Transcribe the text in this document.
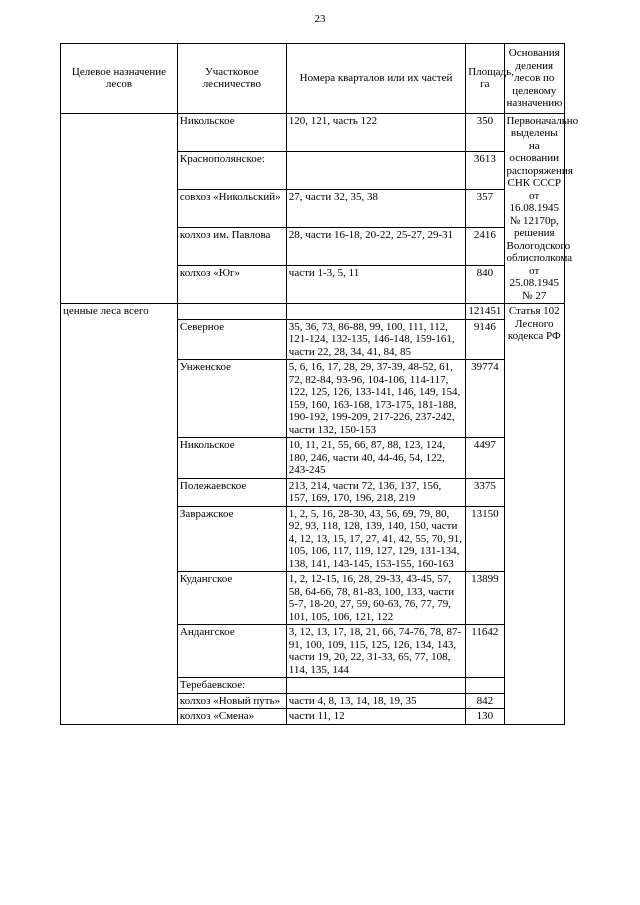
23
Целевое назначение лесов	Участковое лесничество	Номера кварталов или их частей	Площадь, га	Основания деления лесов по целевому назначению
	Никольское	120, 121, часть 122	350	Первоначально выделены на основании распоряжения СНК СССР от 16.08.1945 № 12170р, решения Вологодского облисполкома от 25.08.1945 № 27
	Краснополянское:		3613	
	совхоз «Никольский»	27, части 32, 35, 38	357	
	колхоз им. Павлова	28, части 16-18, 20-22, 25-27, 29-31	2416	
	колхоз «Юг»	части 1-3, 5, 11	840	
ценные леса всего			121451	Статья 102 Лесного кодекса РФ
	Северное	35, 36, 73, 86-88, 99, 100, 111, 112, 121-124, 132-135, 146-148, 159-161, части 22, 28, 34, 41, 84, 85	9146	
	Унженское	5, 6, 16, 17, 28, 29, 37-39, 48-52, 61, 72, 82-84, 93-96, 104-106, 114-117, 122, 125, 126, 133-141, 146, 149, 154, 159, 160, 163-168, 173-175, 181-188, 190-192, 199-209, 217-226, 237-242, части 132, 150-153	39774	
	Никольское	10, 11, 21, 55, 66, 87, 88, 123, 124, 180, 246, части 40, 44-46, 54, 122, 243-245	4497	
	Полежаевское	213, 214, части 72, 136, 137, 156, 157, 169, 170, 196, 218, 219	3375	
	Завражское	1, 2, 5, 16, 28-30, 43, 56, 69, 79, 80, 92, 93, 118, 128, 139, 140, 150, части 4, 12, 13, 15, 17, 27, 41, 42, 55, 70, 91, 105, 106, 117, 119, 127, 129, 131-134, 138, 141, 143-145, 153-155, 160-163	13150	
	Кудангское	1, 2, 12-15, 16, 28, 29-33, 43-45, 57, 58, 64-66, 78, 81-83, 100, 133, части 5-7, 18-20, 27, 59, 60-63, 76, 77, 79, 101, 105, 106, 121, 122	13899	
	Андангское	3, 12, 13, 17, 18, 21, 66, 74-76, 78, 87-91, 100, 109, 115, 125, 126, 134, 143, части 19, 20, 22, 31-33, 65, 77, 108, 114, 135, 144	11642	
	Теребаевское:			
	колхоз «Новый путь»	части 4, 8, 13, 14, 18, 19, 35	842	
	колхоз «Смена»	части 11, 12	130	
